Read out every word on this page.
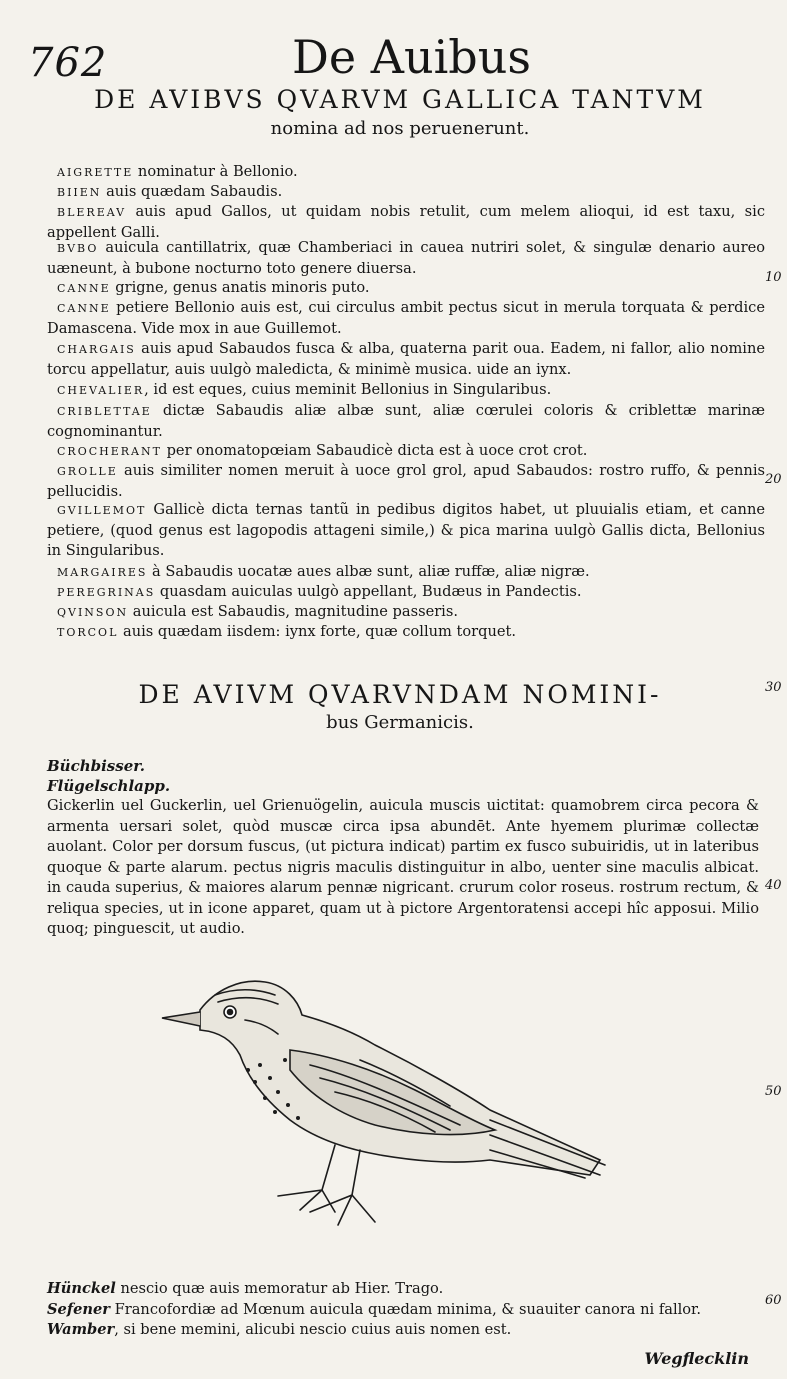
762	De Auibus
DE AVIBVS QVARVM GALLICA TANTVM
nomina ad nos peruenerunt.
AIGRETTE nominatur à Bellonio.
BIIEN auis quædam Sabaudis.
BLEREAV auis apud Gallos, ut quidam nobis retulit, cum melem alioqui, id est taxu, sic appellent Galli.
BVBO auicula cantillatrix, quæ Chamberiaci in cauea nutriri solet, & singulæ denario aureo uæneunt, à bubone nocturno toto genere diuersa.
CANNE grigne, genus anatis minoris puto.
CANNE petiere Bellonio auis est, cui circulus ambit pectus sicut in merula torquata & perdice Damascena. Vide mox in aue Guillemot.
CHARGAIS auis apud Sabaudos fusca & alba, quaterna parit oua. Eadem, ni fallor, alio nomine torcu appellatur, auis uulgò maledicta, & minimè musica. uide an iynx.
CHEVALIER, id est eques, cuius meminit Bellonius in Singularibus.
CRIBLETTAE dictæ Sabaudis aliæ albæ sunt, aliæ cœrulei coloris & criblettæ marinæ cognominantur.
CROCHERANT per onomatopœiam Sabaudicè dicta est à uoce crot crot.
GROLLE auis similiter nomen meruit à uoce grol grol, apud Sabaudos: rostro ruffo, & pennis pellucidis.
GVILLEMOT Gallicè dicta ternas tantũ in pedibus digitos habet, ut pluuialis etiam, et canne petiere, (quod genus est lagopodis attageni simile,) & pica marina uulgò Gallis dicta, Bellonius in Singularibus.
MARGAIRES à Sabaudis uocatæ aues albæ sunt, aliæ ruffæ, aliæ nigræ.
PEREGRINAS quasdam auiculas uulgò appellant, Budæus in Pandectis.
QVINSON auicula est Sabaudis, magnitudine passeris.
TORCOL auis quædam iisdem: iynx forte, quæ collum torquet.
DE AVIVM QVARVNDAM NOMINI-
bus Germanicis.
Büchbisser.
Flügelschlapp.
Gickerlin uel Guckerlin, uel Grienuögelin, auicula muscis uictitat: quamobrem circa pecora & armenta uersari solet, quòd muscæ circa ipsa abundēt. Ante hyemem plurimæ collectæ auolant. Color per dorsum fuscus, (ut pictura indicat) partim ex fusco subuiridis, ut in lateribus quoque & parte alarum. pectus nigris maculis distinguitur in albo, uenter sine maculis albicat. in cauda superius, & maiores alarum pennæ nigricant. crurum color roseus. rostrum rectum, & reliqua species, ut in icone apparet, quam ut à pictore Argentoratensi accepi hîc apposui. Milio quoq; pinguescit, ut audio.
Hünckel nescio quæ auis memoratur ab Hier. Trago.
Sefener Francofordiæ ad Mœnum auicula quædam minima, & suauiter canora ni fallor.
Wamber, si bene memini, alicubi nescio cuius auis nomen est.
Wegflecklin
10
20
30
40
50
60
